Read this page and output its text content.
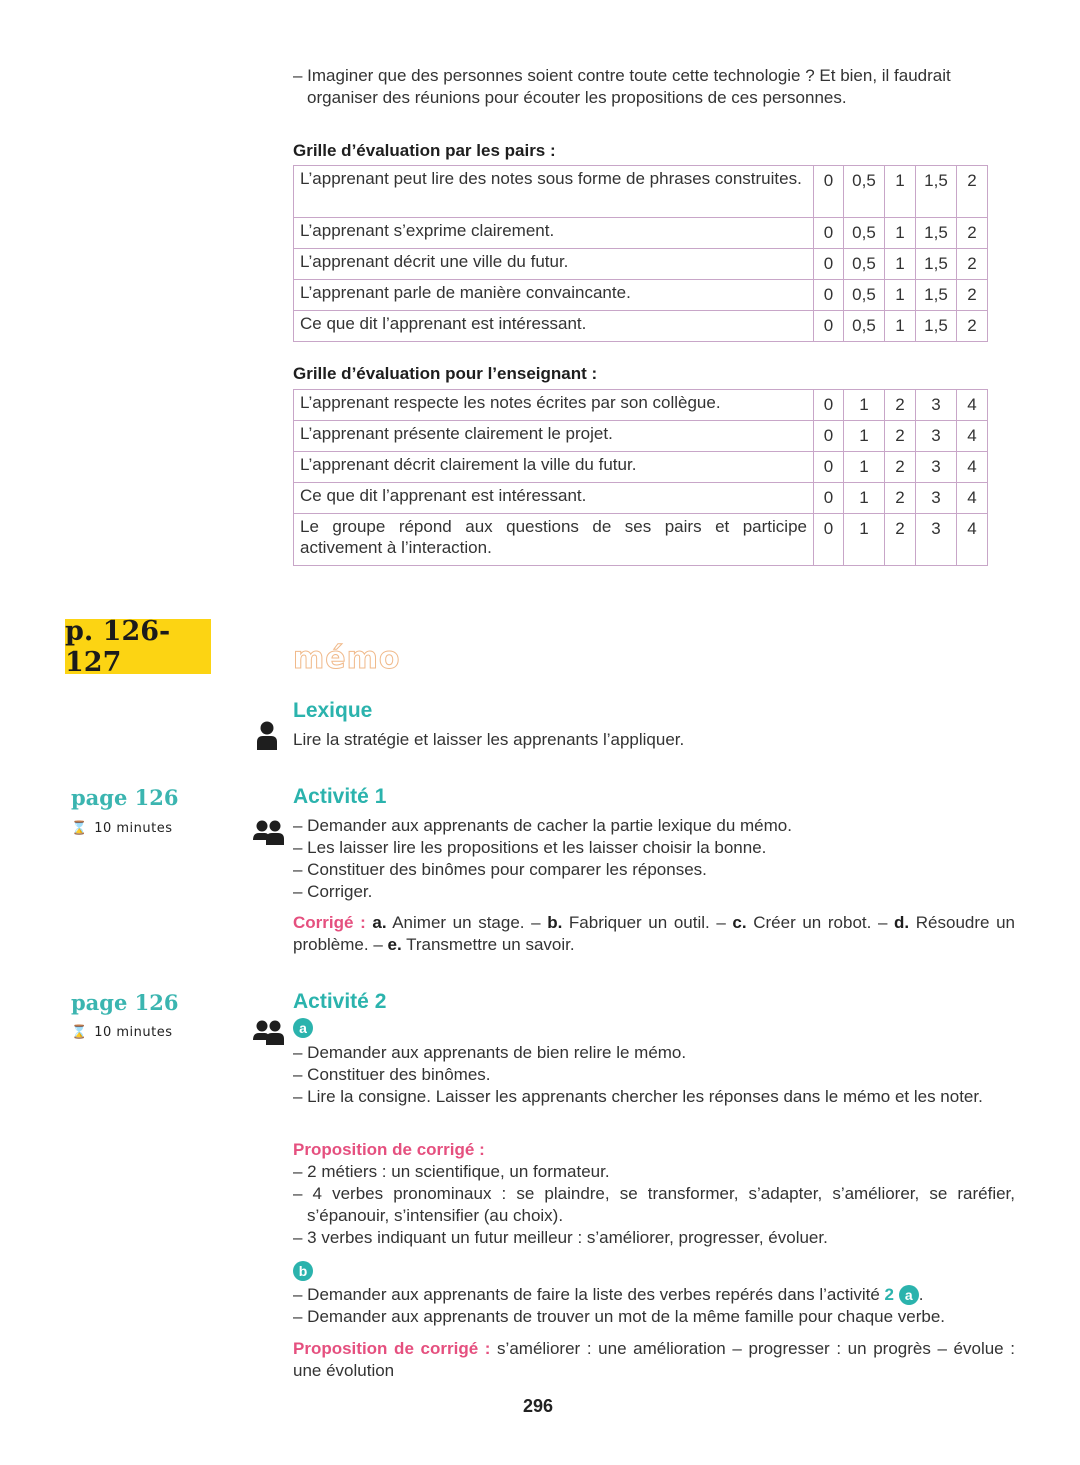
– Imaginer que des personnes soient contre toute cette technologie ? Et bien, il faudrait organiser des réunions pour écouter les propositions de ces personnes.
Grille d’évaluation par les pairs :
L’apprenant peut lire des notes sous forme de phrases construites.	0	0,5	1	1,5	2
L’apprenant s’exprime clairement.	0	0,5	1	1,5	2
L’apprenant décrit une ville du futur.	0	0,5	1	1,5	2
L’apprenant parle de manière convaincante.	0	0,5	1	1,5	2
Ce que dit l’apprenant est intéressant.	0	0,5	1	1,5	2
Grille d’évaluation pour l’enseignant :
L’apprenant respecte les notes écrites par son collègue.	0	1	2	3	4
L’apprenant présente clairement le projet.	0	1	2	3	4
L’apprenant décrit clairement la ville du futur.	0	1	2	3	4
Ce que dit l’apprenant est intéressant.	0	1	2	3	4
Le groupe répond aux questions de ses pairs et participe activement à l’interaction.	0	1	2	3	4
p. 126-127	mémo
Lexique
Lire la stratégie et laisser les apprenants l’appliquer.
page 126
⌛ 10 minutes
Activité 1
– Demander aux apprenants de cacher la partie lexique du mémo.
– Les laisser lire les propositions et les laisser choisir la bonne.
– Constituer des binômes pour comparer les réponses.
– Corriger.
Corrigé : a. Animer un stage. – b. Fabriquer un outil. – c. Créer un robot. – d. Résoudre un problème. – e. Transmettre un savoir.
page 126
⌛ 10 minutes
Activité 2
a
– Demander aux apprenants de bien relire le mémo.
– Constituer des binômes.
– Lire la consigne. Laisser les apprenants chercher les réponses dans le mémo et les noter.
Proposition de corrigé :
– 2 métiers : un scientifique, un formateur.
– 4 verbes pronominaux : se plaindre, se transformer, s’adapter, s’améliorer, se raréfier, s’épanouir, s’intensifier (au choix).
– 3 verbes indiquant un futur meilleur : s’améliorer, progresser, évoluer.
b
– Demander aux apprenants de faire la liste des verbes repérés dans l’activité 2 a .
– Demander aux apprenants de trouver un mot de la même famille pour chaque verbe.
Proposition de corrigé : s’améliorer : une amélioration – progresser : un progrès – évolue : une évolution
296
